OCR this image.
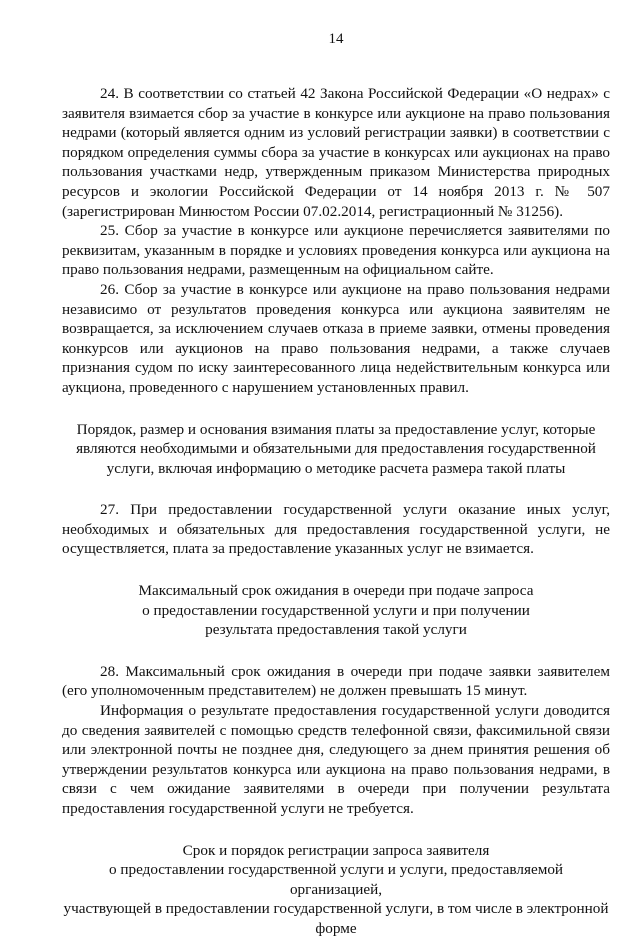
14

24. В соответствии со статьей 42 Закона Российской Федерации «О недрах» с заявителя взимается сбор за участие в конкурсе или аукционе на право пользования недрами (который является одним из условий регистрации заявки) в соответствии с порядком определения суммы сбора за участие в конкурсах или аукционах на право пользования участками недр, утвержденным приказом Министерства природных ресурсов и экологии Российской Федерации от 14 ноября 2013 г. № 507 (зарегистрирован Минюстом России 07.02.2014, регистрационный № 31256).

25. Сбор за участие в конкурсе или аукционе перечисляется заявителями по реквизитам, указанным в порядке и условиях проведения конкурса или аукциона на право пользования недрами, размещенным на официальном сайте.

26. Сбор за участие в конкурсе или аукционе на право пользования недрами независимо от результатов проведения конкурса или аукциона заявителям не возвращается, за исключением случаев отказа в приеме заявки, отмены проведения конкурсов или аукционов на право пользования недрами, а также случаев признания судом по иску заинтересованного лица недействительным конкурса или аукциона, проведенного с нарушением установленных правил.

Порядок, размер и основания взимания платы за предоставление услуг, которые
являются необходимыми и обязательными для предоставления государственной
услуги, включая информацию о методике расчета размера такой платы

27. При предоставлении государственной услуги оказание иных услуг, необходимых и обязательных для предоставления государственной услуги, не осуществляется, плата за предоставление указанных услуг не взимается.

Максимальный срок ожидания в очереди при подаче запроса
о предоставлении государственной услуги и при получении
результата предоставления такой услуги

28. Максимальный срок ожидания в очереди при подаче заявки заявителем (его уполномоченным представителем) не должен превышать 15 минут.

Информация о результате предоставления государственной услуги доводится до сведения заявителей с помощью средств телефонной связи, факсимильной связи или электронной почты не позднее дня, следующего за днем принятия решения об утверждении результатов конкурса или аукциона на право пользования недрами, в связи с чем ожидание заявителями в очереди при получении результата предоставления государственной услуги не требуется.

Срок и порядок регистрации запроса заявителя
о предоставлении государственной услуги и услуги, предоставляемой организацией,
участвующей в предоставлении государственной услуги, в том числе в электронной
форме
